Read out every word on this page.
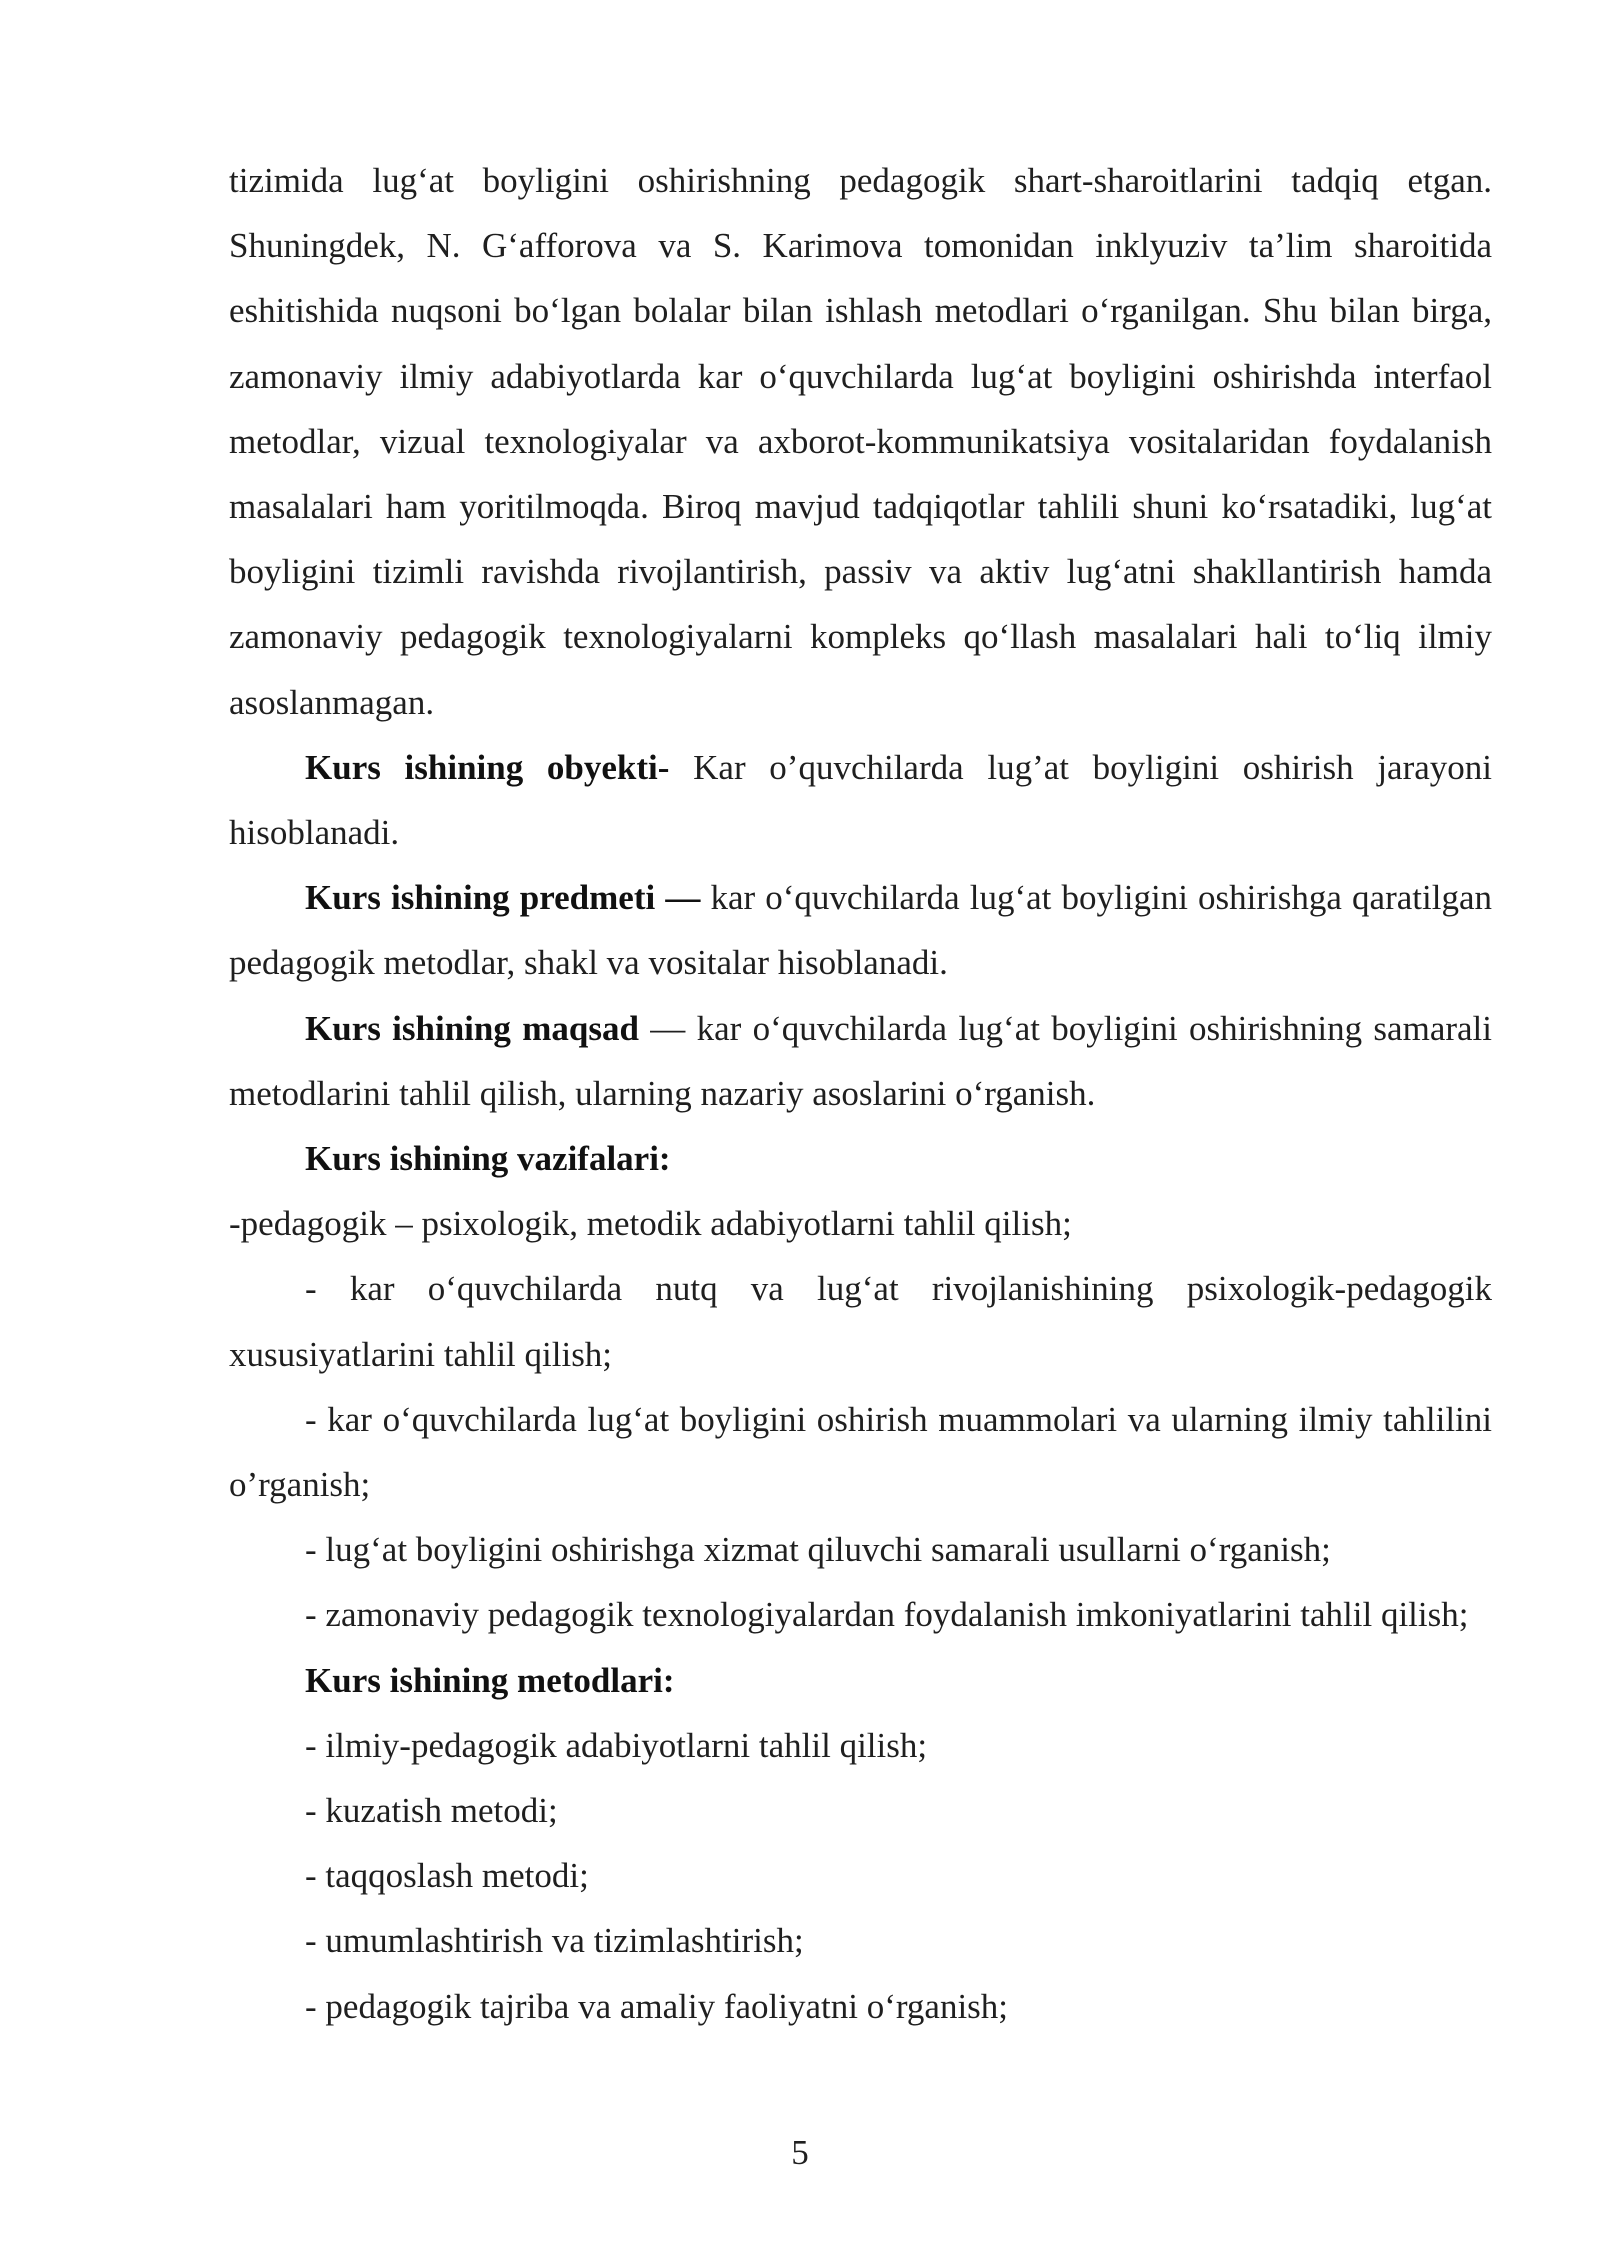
tizimida lug‘at boyligini oshirishning pedagogik shart-sharoitlarini tadqiq etgan. Shuningdek, N. G‘afforova va S. Karimova tomonidan inklyuziv ta’lim sharoitida eshitishida nuqsoni bo‘lgan bolalar bilan ishlash metodlari o‘rganilgan. Shu bilan birga, zamonaviy ilmiy adabiyotlarda kar o‘quvchilarda lug‘at boyligini oshirishda interfaol metodlar, vizual texnologiyalar va axborot-kommunikatsiya vositalaridan foydalanish masalalari ham yoritilmoqda. Biroq mavjud tadqiqotlar tahlili shuni ko‘rsatadiki, lug‘at boyligini tizimli ravishda rivojlantirish, passiv va aktiv lug‘atni shakllantirish hamda zamonaviy pedagogik texnologiyalarni kompleks qo‘llash masalalari hali to‘liq ilmiy asoslanmagan.

Kurs ishining obyekti- Kar o’quvchilarda lug’at boyligini oshirish jarayoni hisoblanadi.

Kurs ishining predmeti — kar o‘quvchilarda lug‘at boyligini oshirishga qaratilgan pedagogik metodlar, shakl va vositalar hisoblanadi.

Kurs ishining maqsad — kar o‘quvchilarda lug‘at boyligini oshirishning samarali metodlarini tahlil qilish, ularning nazariy asoslarini o‘rganish.

Kurs ishining vazifalari:

-pedagogik – psixologik, metodik adabiyotlarni tahlil qilish;

- kar o‘quvchilarda nutq va lug‘at rivojlanishining psixologik-pedagogik xususiyatlarini tahlil qilish;

- kar o‘quvchilarda lug‘at boyligini oshirish muammolari va ularning ilmiy tahlilini o’rganish;

- lug‘at boyligini oshirishga xizmat qiluvchi samarali usullarni o‘rganish;

- zamonaviy pedagogik texnologiyalardan foydalanish imkoniyatlarini tahlil qilish;

Kurs ishining metodlari:

- ilmiy-pedagogik adabiyotlarni tahlil qilish;

- kuzatish metodi;

- taqqoslash metodi;

- umumlashtirish va tizimlashtirish;

- pedagogik tajriba va amaliy faoliyatni o‘rganish;

5
